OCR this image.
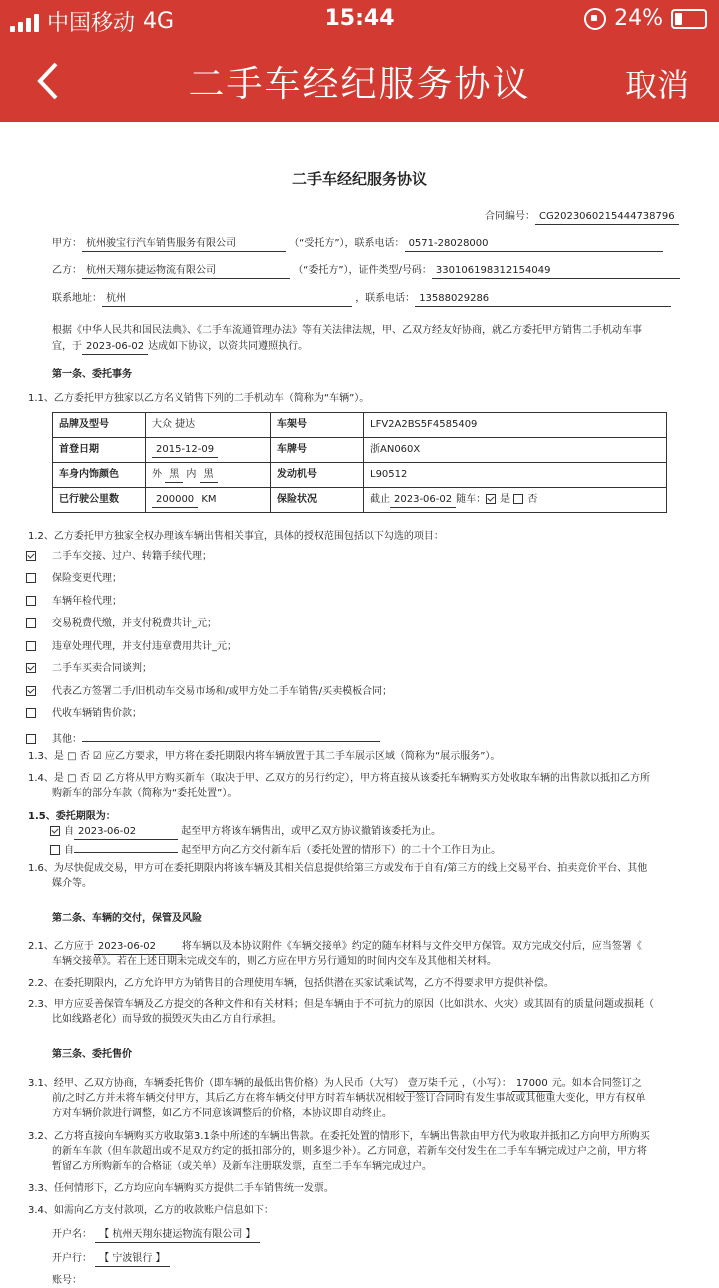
中国移动 4G	15:44	24%
二手车经纪服务协议	取消
二手车经纪服务协议
合同编号： CG20230602154447387​96
甲方： 杭州骏宝行汽车销售服务有限公司	（“受托方”），联系电话： 0571-28028000
乙方： 杭州天翔东捷运物流有限公司	（“委托方”），证件类型/号码： 330106198312154049
联系地址： 杭州	，联系电话： 13588029286
根据《中华人民共和国民法典》、《二手车流通管理办法》等有关法律法规，甲、乙双方经友好协商，就乙方委托甲方销售二手机动车事
宜，于 2023-06-02 达成如下协议，以资共同遵照执行。
第一条、委托事务
1.1、乙方委托甲方独家以乙方名义销售下列的二手机动车（简称为“车辆”）。
品牌及型号	大众 捷达	车架号	LFV2A2BS5F4585409
首登日期	2015-12-09	车牌号	浙AN060X
车身内饰颜色	外 黑 内 黑	发动机号	L90512
已行驶公里数	200000 KM	保险状况	截止 2023-06-02 随车： 是 否
1.2、乙方委托甲方独家全权办理该车辆出售相关事宜，具体的授权范围包括以下勾选的项目：
二手车交接、过户、转籍手续代理；
保险变更代理；
车辆年检代理；
交易税费代缴，并支付税费共计_元；
违章处理代理，并支付违章费用共计_元；
二手车买卖合同谈判；
代表乙方签署二手/旧机动车交易市场和/或甲方处二手车销售/买卖模板合同；
代收车辆销售价款；
其他：
1.3、是 □ 否 ☑ 应乙方要求，甲方将在委托期限内将车辆放置于其二手车展示区域（简称为“展示服务”）。
1.4、是 □ 否 ☑ 乙方将从甲方购买新车（取决于甲、乙双方的另行约定），甲方将直接从该委托车辆购买方处收取车辆的出售款以抵扣乙方所
购新车的部分车款（简称为“委托处置”）。
1.5、委托期限为：
自 2023-06-02	起至甲方将该车辆售出，或甲乙双方协议撤销该委托为止。
自	起至甲方向乙方交付新车后（委托处置的情形下）的二十个工作日为止。
1.6、为尽快促成交易，甲方可在委托期限内将该车辆及其相关信息提供给第三方或发布于自有/第三方的线上交易平台、拍卖竞价平台、其他
媒介等。
第二条、车辆的交付，保管及风险
2.1、乙方应于 2023-06-02	将车辆以及本协议附件《车辆交接单》约定的随车材料与文件交甲方保管。双方完成交付后，应当签署《
车辆交接单》。若在上述日期未完成交车的，则乙方应在甲方另行通知的时间内交车及其他相关材料。
2.2、在委托期限内，乙方允许甲方为销售目的合理使用车辆，包括供潜在买家试乘试驾，乙方不得要求甲方提供补偿。
2.3、甲方应妥善保管车辆及乙方提交的各种文件和有关材料；但是车辆由于不可抗力的原因（比如洪水、火灾）或其固有的质量问题或损耗（
比如线路老化）而导致的损毁灭失由乙方自行承担。
第三条、委托售价
3.1、经甲、乙双方协商，车辆委托售价（即车辆的最低出售价格）为人民币（大写） 壹万柒千元 ，（小写）： 17000 元。如本合同签订之
前/之时乙方并未将车辆交付甲方，其后乙方在将车辆交付甲方时若车辆状况相较于签订合同时有发生事故或其他重大变化，甲方有权单
方对车辆价款进行调整，如乙方不同意该调整后的价格，本协议即自动终止。
3.2、乙方将直接向车辆购买方收取第3.1条中所述的车辆出售款。在委托处置的情形下，车辆出售款由甲方代为收取并抵扣乙方向甲方所购买
的新车车款（但车款超出或不足双方约定的抵扣部分的，则多退少补）。乙方同意，若新车交付发生在二手车车辆完成过户之前，甲方将
暂留乙方所购新车的合格证（或关单）及新车注册联发票，直至二手车车辆完成过户。
3.3、任何情形下，乙方均应向车辆购买方提供二手车销售统一发票。
3.4、如需向乙方支付款项，乙方的收款账户信息如下：
开户名： 【 杭州天翔东捷运物流有限公司 】
开户行： 【 宁波银行 】
账号：
